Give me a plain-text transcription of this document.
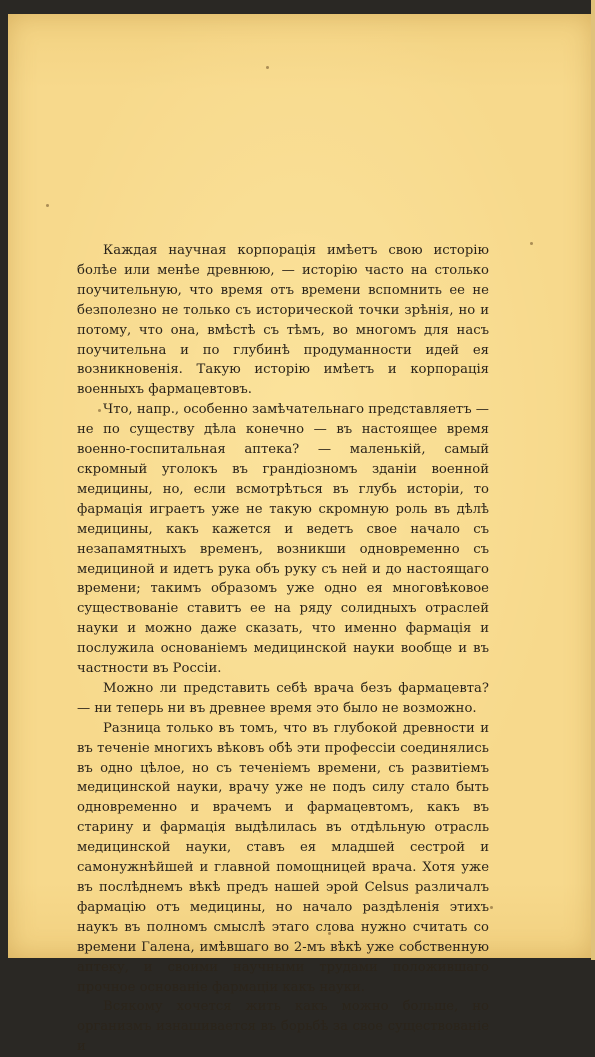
Каждая научная корпорація имѣетъ свою исторію болѣе или менѣе древнюю, — исторію часто на столько поучительную, что время отъ времени вспомнить ее не безполезно не только съ исторической точки зрѣнія, но и потому, что она, вмѣстѣ съ тѣмъ, во многомъ для насъ поучительна и по глубинѣ продуманности идей ея возникновенія. Такую исторію имѣетъ и корпорація военныхъ фармацевтовъ.

Что, напр., особенно замѣчательнаго представляетъ — не по существу дѣла конечно — въ настоящее время военно-госпитальная аптека? — маленькій, самый скромный уголокъ въ грандіозномъ зданіи военной медицины, но, если всмотрѣться въ глубь исторіи, то фармація играетъ уже не такую скромную роль въ дѣлѣ медицины, какъ кажется и ведетъ свое начало съ незапамятныхъ временъ, возникши одновременно съ медициной и идетъ рука объ руку съ ней и до настоящаго времени; такимъ образомъ уже одно ея многовѣковое существованіе ставитъ ее на ряду солидныхъ отраслей науки и можно даже сказать, что именно фармація и послужила основаніемъ медицинской науки вообще и въ частности въ Россіи.

Можно ли представить себѣ врача безъ фармацевта? — ни теперь ни въ древнее время это было не возможно.

Разница только въ томъ, что въ глубокой древности и въ теченіе многихъ вѣковъ обѣ эти профессіи соединялись въ одно цѣлое, но съ теченіемъ времени, съ развитіемъ медицинской науки, врачу уже не подъ силу стало быть одновременно и врачемъ и фармацевтомъ, какъ въ старину и фармація выдѣлилась въ отдѣльную отрасль медицинской науки, ставъ ея младшей сестрой и самонужнѣйшей и главной помощницей врача. Хотя уже въ послѣднемъ вѣкѣ предъ нашей эрой Celsus различалъ фармацію отъ медицины, но начало раздѣленія этихъ наукъ въ полномъ смыслѣ этаго слова нужно считать со времени Галена, имѣвшаго во 2-мъ вѣкѣ уже собственную аптеку, и своими научными трудами положившаго прочное основаніе фармаціи какъ науки.

Всякому хочется жить какъ можно больше, но организмъ изнашивается въ борьбѣ за свое существованіе и
